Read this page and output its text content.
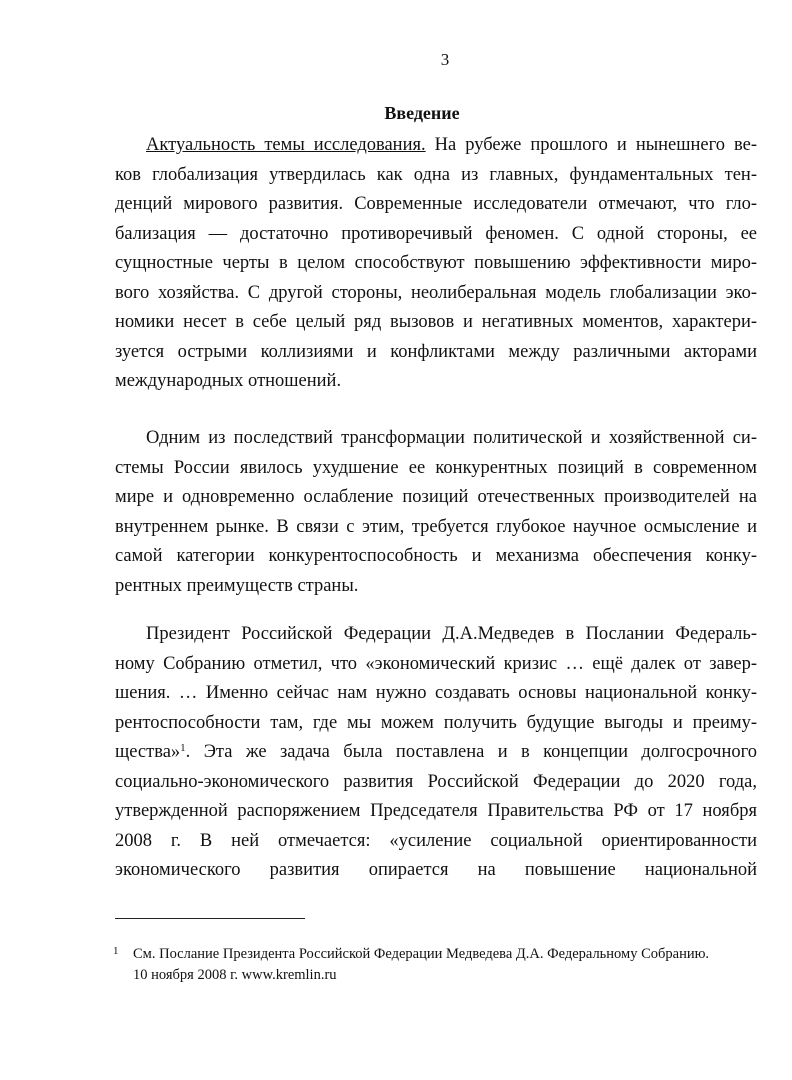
3
Введение
Актуальность темы исследования. На рубеже прошлого и нынешнего ве-
ков глобализация утвердилась как одна из главных, фундаментальных тен-
денций мирового развития. Современные исследователи отмечают, что гло-
бализация — достаточно противоречивый феномен. С одной стороны, ее
сущностные черты в целом способствуют повышению эффективности миро-
вого хозяйства. С другой стороны, неолиберальная модель глобализации эко-
номики несет в себе целый ряд вызовов и негативных моментов, характери-
зуется острыми коллизиями и конфликтами между различными акторами
международных отношений.
Одним из последствий трансформации политической и хозяйственной си-
стемы России явилось ухудшение ее конкурентных позиций в современном
мире и одновременно ослабление позиций отечественных производителей на
внутреннем рынке. В связи с этим, требуется глубокое научное осмысление и
самой категории конкурентоспособность и механизма обеспечения конку-
рентных преимуществ страны.
Президент Российской Федерации Д.А.Медведев в Послании Федераль-
ному Собранию отметил, что «экономический кризис … ещё далек от завер-
шения. … Именно сейчас нам нужно создавать основы национальной конку-
рентоспособности там, где мы можем получить будущие выгоды и преиму-
щества»$^1$. Эта же задача была поставлена и в концепции долгосрочного
социально-экономического развития Российской Федерации до 2020 года,
утвержденной распоряжением Председателя Правительства РФ от 17 ноября
2008 г. В ней отмечается: «усиление социальной ориентированности
экономического развития опирается на повышение национальной
1	См. Послание Президента Российской Федерации Медведева Д.А. Федеральному Собранию.
10 ноября 2008 г. www.kremlin.ru
